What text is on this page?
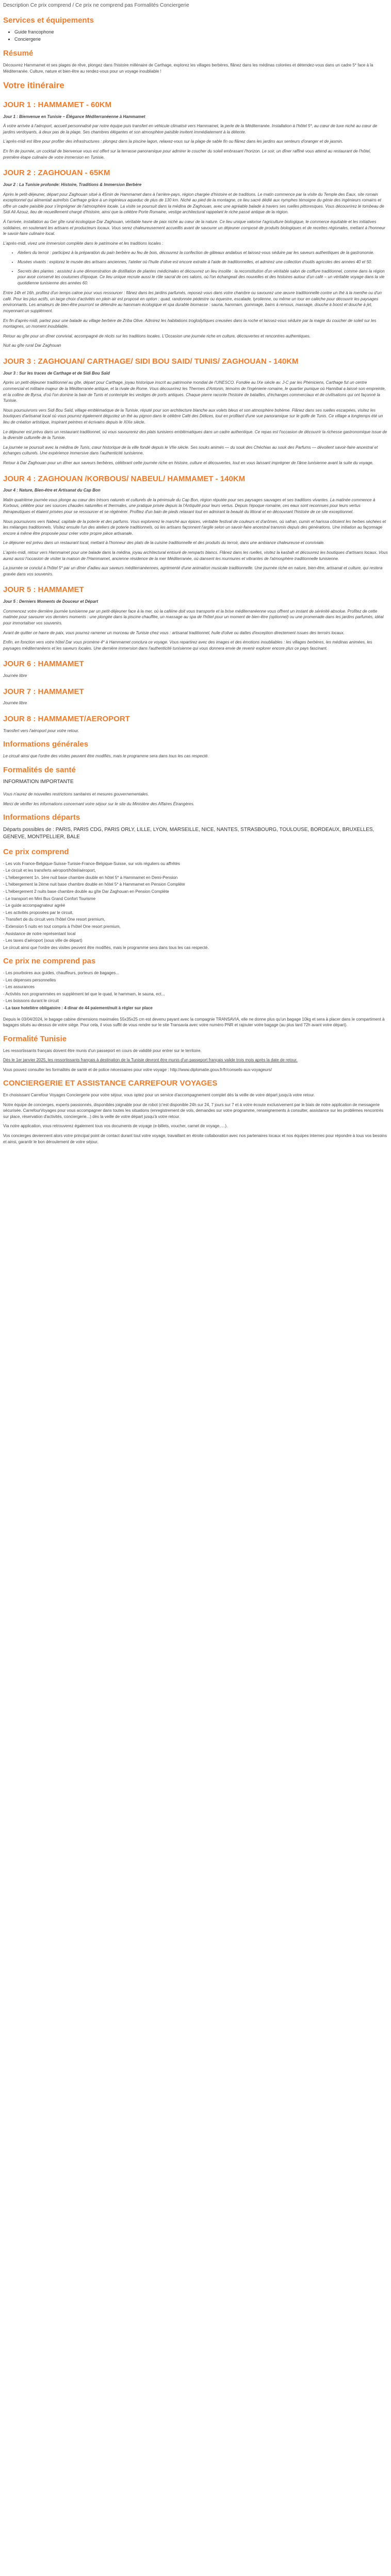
Description Ce prix comprend / Ce prix ne comprend pas Formalités Conciergerie
Services et équipements
• Guide francophone
• Conciergerie
Résumé

Découvrez Hammamet et ses plages de rêve, plongez dans l'histoire millénaire de Carthage, explorez les villages berbères, flânez dans les médinas colorées et détendez-vous dans un cadre 5* face à la Méditerranée. Culture, nature et bien-être au rendez-vous pour un voyage inoubliable !

Votre itinéraire
JOUR 1 : HAMMAMET - 60KM

Jour 1 : Bienvenue en Tunisie – Élégance Méditerranéenne à Hammamet

À votre arrivée à l'aéroport, accueil personnalisé par notre équipe puis transfert en véhicule climatisé vers Hammamet, la perle de la Méditerranée. Installation à l'hôtel 5*, au cœur de luxe niché au cœur de jardins verdoyants, à deux pas de la plage. Ses chambres élégantes et son atmosphère paisible invitent immédiatement à la détente.

L'après-midi est libre pour profiter des infrastructures : plongez dans la piscine lagon, relaxez-vous sur la plage de sable fin ou flânez dans les jardins aux senteurs d'oranger et de jasmin.

En fin de journée, un cocktail de bienvenue vous est offert sur la terrasse panoramique pour admirer le coucher du soleil embrasant l'horizon. Le soir, un dîner raffiné vous attend au restaurant de l'hôtel, première étape culinaire de votre immersion en Tunisie.

JOUR 2 : ZAGHOUAN - 65KM

Jour 2 : La Tunisie profonde: Histoire, Traditions & Immersion Berbère

Après le petit-déjeuner, départ pour Zaghouan situé à 45min de Hammamet dans à l'arrière-pays, région chargée d'histoire et de traditions. Le matin commence par la visite du Temple des Eaux, site romain exceptionnel qui alimentait autrefois Carthage grâce à un ingénieux aqueduc de plus de 130 km. Niché au pied de la montagne, ce lieu sacré dédié aux nymphes témoigne du génie des ingénieurs romains et offre un cadre paisible pour s'imprégner de l'atmosphère locale. La visite se poursuit dans la médina de Zaghouan, avec une agréable balade à travers ses ruelles pittoresques. Vous découvrirez le tombeau de Sidi Ali Azouz, lieu de recueillement chargé d'histoire, ainsi que la célèbre Porte Romaine, vestige architectural rappelant le riche passé antique de la région.

À l'arrivée, installation au Ger gîte rural écologique Dar Zaghouan, véritable havre de paix niché au cœur de la nature. Ce lieu unique valorise l'agriculture biologique, le commerce équitable et les initiatives solidaires, en soutenant les artisans et producteurs locaux. Vous serez chaleureusement accueillis avant de savourer un déjeuner composé de produits biologiques et de recettes régionales, mettant à l'honneur le savoir-faire culinaire local.

L'après-midi, vivez une immersion complète dans le patrimoine et les traditions locales :

• Ateliers du terroir : participez à la préparation du pain berbère au feu de bois, découvrez la confection de gâteaux andalous et laissez-vous séduire par les saveurs authentiques de la gastronomie.
• Musées vivants : explorez le musée des artisans anciennes, l'atelier où l'huile d'olive est encore extraite à l'aide de traditionnelles, et admirez une collection d'outils agricoles des années 40 et 50.
• Secrets des plantes : assistez à une démonstration de distillation de plantes médicinales et découvrez un lieu insolite : la reconstitution d'un véritable salon de coiffure traditionnel, comme dans la région pour avoir conservé les coutumes d'époque. Ce lieu unique recrute aussi le rôle sacral de ces salons, où l'on échangeait des nouvelles et des histoires autour d'un café – un véritable voyage dans la vie quotidienne tunisienne des années 60.

Entre 14h et 16h, profitez d'un temps calme pour vous ressourcer : flânez dans les jardins parfumés, reposez-vous dans votre chambre ou savourez une œuvre traditionnelle contre un thé à la menthe ou d'un café. Pour les plus actifs, un large choix d'activités en plein air est proposé en option : quad, randonnée pédestre ou équestre, escalade, tyrolienne, ou même un tour en calèche pour découvrir les paysages environnants. Les amateurs de bien-être pourront se détendre au hammam écologique et spa durable biomasse : sauna, hammam, gommage, bains à remous, massage, douche à boost et douche à jet, moyennant un supplément.

En fin d'après-midi, partez pour une balade au village berbère de Zriba Olive. Admirez les habitations troglodytiques creusées dans la roche et laissez-vous séduire par la magie du coucher de soleil sur les montagnes, un moment inoubliable.

Retour au gîte pour un dîner convivial, accompagné de récits sur les traditions locales. L'Occasion une journée riche en culture, découvertes et rencontres authentiques.

Nuit au gîte rural Dar Zaghouan

JOUR 3 : ZAGHOUAN/ CARTHAGE/ SIDI BOU SAID/ TUNIS/ ZAGHOUAN - 140KM

Jour 3 : Sur les traces de Carthage et de Sidi Bou Saïd

Après un petit-déjeuner traditionnel au gîte, départ pour Carthage, joyau historique inscrit au patrimoine mondial de l'UNESCO. Fondée au IXe siècle av. J-C par les Phéniciens, Carthage fut un centre commercial et militaire majeur de la Méditerranée antique, et la rivale de Rome. Vous découvrirez les Thermes d'Antonin, témoins de l'ingénierie romaine, le quartier punique où Hannibal a laissé son empreinte, et la colline de Byrsa, d'où l'on domine la baie de Tunis et contemple les vestiges de ports antiques. Chaque pierre raconte l'histoire de batailles, d'échanges commerciaux et de civilisations qui ont façonné la Tunisie.

Nous poursuivrons vers Sidi Bou Saïd, village emblématique de la Tunisie, réputé pour son architecture blanche aux volets bleus et son atmosphère bohème. Flânez dans ses ruelles escarpées, visitez les boutiques d'artisanat local où vous pourrez également dégustez un thé au pignon dans le célèbre Café des Délices, tout en profitant d'une vue panoramique sur le golfe de Tunis. Ce village a longtemps été un lieu de création artistique, inspirant peintres et écrivains depuis le XIXe siècle.

Le déjeuner est prévu dans un restaurant traditionnel, où vous savourerez des plats tunisiens emblématiques dans un cadre authentique. Ce repas est l'occasion de découvrir la richesse gastronomique issue de la diversité culturelle de la Tunisie.

La journée se poursuit avec la médina de Tunis, cœur historique de la ville fondé depuis le VIIe siècle. Ses souks animés — du souk des Chéchias au souk des Parfums — dévoilent savoir-faire ancestral et échanges culturels. Une expérience immersive dans l'authenticité tunisienne.

Retour à Dar Zaghouan pour un dîner aux saveurs berbères, célébrant cette journée riche en histoire, culture et découvertes, tout en vous laissant imprégner de l'âme tunisienne avant la suite du voyage.

JOUR 4 : ZAGHOUAN /KORBOUS/ NABEUL/ HAMMAMET - 140KM

Jour 4 : Nature, Bien-être et Artisanat du Cap Bon

Matin quatrième journée vous plonge au cœur des trésors naturels et culturels de la péninsule du Cap Bon, région réputée pour ses paysages sauvages et ses traditions vivantes. La matinée commence à Korbous, célèbre pour ses sources chaudes naturelles et thermales, une pratique prisée depuis la l'Antiquité pour leurs vertus. Depuis l'époque romaine, ces eaux sont reconnues pour leurs vertus thérapeutiques et étaient prisées pour se ressourcer et se régénérer. Profitez d'un bain de pieds relaxant tout en admirant la beauté du littoral et en découvrant l'histoire de ce site exceptionnel.

Nous poursuivons vers Nabeul, capitale de la poterie et des parfums. Vous explorerez le marché aux épices, véritable festival de couleurs et d'arômes, où safran, cumin et harissa côtoient les herbes séchées et les mélanges traditionnels. Visitez ensuite l'un des ateliers de poterie traditionnels, où les artisans façonnent l'argile selon un savoir-faire ancestral transmis depuis des générations. Une initiation au façonnage encore à même être proposée pour créer votre propre pièce artisanale.

Le déjeuner est prévu dans un restaurant local, mettant à l'honneur des plats de la cuisine traditionnelle et des produits du terroir, dans une ambiance chaleureuse et conviviale.

L'après-midi, retour vers Hammamet pour une balade dans la médina, joyau architectural entouré de remparts blancs. Flânez dans les ruelles, visitez la kasbah et découvrez les boutiques d'artisans locaux. Vous aurez aussi l'occasion de visiter la maison de l'Hammamet, ancienne résidence de la mer Méditerranée, où dansent les murmures et vibrantes de l'atmosphère traditionnelle tunisienne.

La journée se conclut à l'hôtel 5* par un dîner d'adieu aux saveurs méditerranéennes, agrémenté d'une animation musicale traditionnelle. Une journée riche en nature, bien-être, artisanat et culture, qui restera gravée dans vos souvenirs.

JOUR 5 : HAMMAMET

Jour 5 : Derniers Moments de Douceur et Départ

Commencez votre dernière journée tunisienne par un petit-déjeuner face à la mer, où la caféine doit vous transporte et la brise méditerranéenne vous offrent un instant de sérénité absolue. Profitez de cette matinée pour savourer vos derniers moments : une plongée dans la piscine chauffée, un massage au spa de l'hôtel pour un moment de bien-être (optionnel) ou une promenade dans les jardins parfumés, idéal pour immortaliser vos souvenirs.

Avant de quitter ce havre de paix, vous pourrez ramener un morceau de Tunisie chez vous : artisanat traditionnel, huile d'olive ou dattes d'exception directement issues des terroirs locaux.

Enfin, en fonction vers votre hôtel Dar vous promène 4* à Hammamet conclura ce voyage. Vous repartirez avec des images et des émotions inoubliables : les villages berbères, les médinas animées, les paysages méditerranéens et les saveurs locales. Une dernière immersion dans l'authenticité tunisienne qui vous donnera envie de revenir explorer encore plus ce pays fascinant.

JOUR 6 : HAMMAMET

Journée libre

JOUR 7 : HAMMAMET

Journée libre

JOUR 8 : HAMMAMET/AEROPORT

Transfert vers l'aéroport pour votre retour.

Informations générales

Le circuit ainsi que l'ordre des visites peuvent être modifiés, mais le programme sera dans tous les cas respecté.

Formalités de santé

INFORMATION IMPORTANTE

Vous n'aurez de nouvelles restrictions sanitaires et mesures gouvernementales.

Merci de vérifier les informations concernant votre séjour sur le site du Ministère des Affaires Étrangères.

Informations départs

Départs possibles de : PARIS, PARIS CDG, PARIS ORLY, LILLE, LYON, MARSEILLE, NICE, NANTES, STRASBOURG, TOULOUSE, BORDEAUX, BRUXELLES, GENEVE, MONTPELLIER, BALE

Ce prix comprend

- Les vols France-Belgique-Suisse-Tunisie-France-Belgique-Suisse, sur vols réguliers ou affrétés

- Le circuit et les transferts aéroport/hôtel/aéroport,

- L'hébergement 1n. 1ère nuit base chambre double en hôtel 5* à Hammamet en Demi-Pension

- L'hébergement la 2ème nuit base chambre double en hôtel 5* à Hammamet en Pension Complète

- L'hébergement 2 nuits base chambre double au gîte Dar Zaghouan en Pension Complète

- Le transport en Mini Bus Grand Confort Tourisme

- Le guide accompagnateur agréé

- Les activités proposées par le circuit,

- Transfert de du circuit vers l'hôtel One resort premium,

- Extension 5 nuits en tout compris à l'hôtel One resort premium,

- Assistance de notre représentant local

- Les taxes d'aéroport (sous ville de départ)

Le circuit ainsi que l'ordre des visites peuvent être modifiés, mais le programme sera dans tous les cas respecté.

Ce prix ne comprend pas

- Les pourboires aux guides, chauffeurs, porteurs de bagages...

- Les dépenses personnelles

- Les assurances

- Activités non programmées en supplément tel que le quad, le hammam, le sauna, ect...

- Les boissons durant le circuit

- La taxe hotelière obligatoire : 4 dinar de 44 paiement/nuit à régler sur place

Depuis le 03/04/2024, le bagage cabine dimensions maximales 55x35x25 cm est devenu payant avec la compagnie TRANSAVIA, elle ne donne plus qu'un bagage 10kg et sera à placer dans le compartiment à bagages situés au-dessus de votre siège. Pour cela, il vous suffit de vous rendre sur le site Transavia avec votre numéro PNR et rajouter votre bagage (au plus tard 72h avant votre départ).

Formalité Tunisie

Les ressortissants français doivent être munis d'un passeport en cours de validité pour entrer sur le territoire.

Dès le 1er janvier 2025, les ressortissants français à destination de la Tunisie devront être munis d'un passeport français valide trois mois après la date de retour.

Vous pouvez consulter les formalités de santé et de police nécessaires pour votre voyage : http://www.diplomatie.gouv.fr/fr/conseils-aux-voyageurs/

CONCIERGERIE ET ASSISTANCE CARREFOUR VOYAGES

En choisissant Carrefour Voyages Conciergerie pour votre séjour, vous optez pour un service d'accompagnement complet dès la veille de votre départ jusqu'à votre retour.

Notre équipe de concierges, experts passionnés, disponibles joignable pour de robot (c'est disponible 24h sur 24, 7 jours sur 7 et à votre écoute exclusivement par le biais de notre application de messagerie sécurisée. CarrefourVoyages pour vous accompagner dans toutes les situations (enregistrement de vols, demandes sur votre programme, renseignements à consulter, assistance sur les problèmes rencontrés sur place, réservation d'activités, conciergerie...) dès la veille de votre départ jusqu'à votre retour.

Via notre application, vous retrouverez également tous vos documents de voyage (e-billets, voucher, carnet de voyage, ...).

Vos concierges deviennent alors votre principal point de contact durant tout votre voyage, travaillant en étroite collaboration avec nos partenaires locaux et nos équipes internes pour répondre à tous vos besoins et ainsi, garantir le bon déroulement de votre séjour.
